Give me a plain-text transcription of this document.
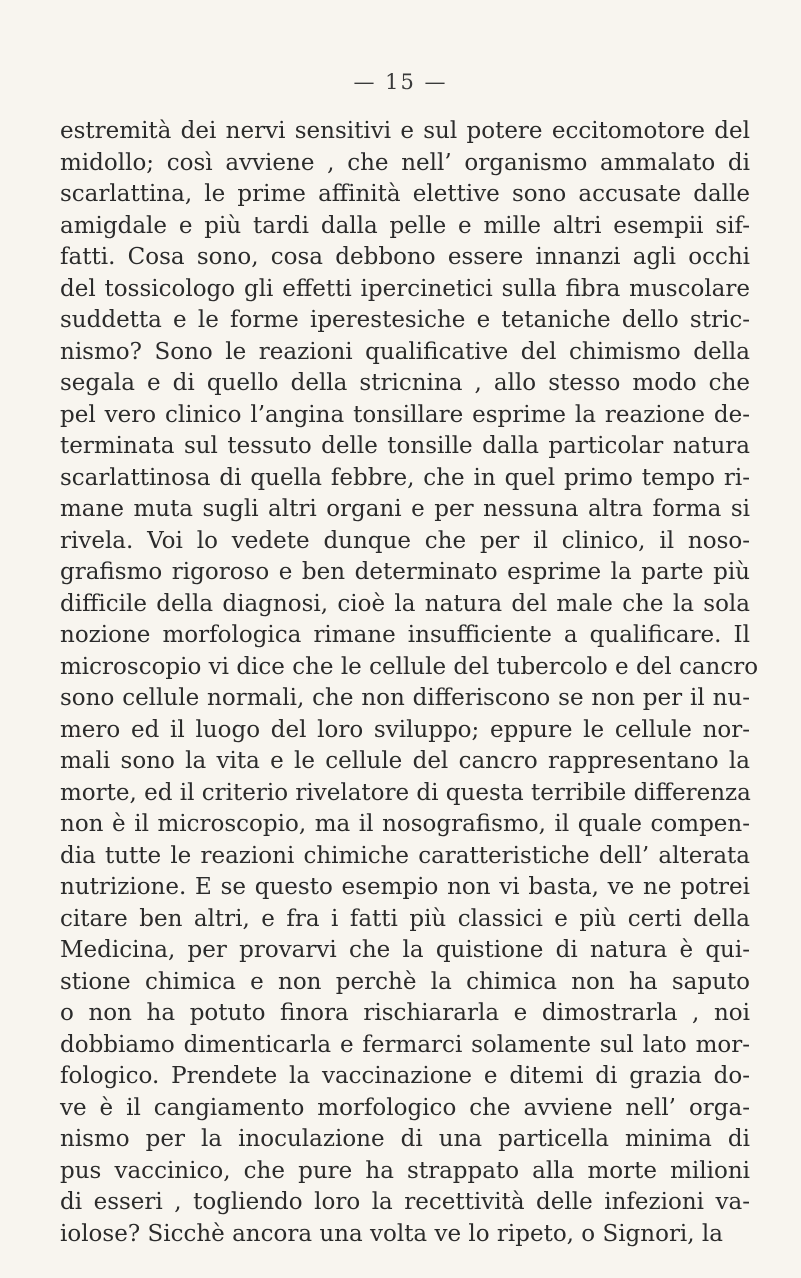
— 15 —
estremità dei nervi sensitivi e sul potere eccitomotore del
midollo; così avviene , che nell’ organismo ammalato di
scarlattina, le prime affinità elettive sono accusate dalle
amigdale e più tardi dalla pelle e mille altri esempii sif-
fatti. Cosa sono, cosa debbono essere innanzi agli occhi
del tossicologo gli effetti ipercinetici sulla fibra muscolare
suddetta e le forme iperestesiche e tetaniche dello stric-
nismo? Sono le reazioni qualificative del chimismo della
segala e di quello della stricnina , allo stesso modo che
pel vero clinico l’angina tonsillare esprime la reazione de-
terminata sul tessuto delle tonsille dalla particolar natura
scarlattinosa di quella febbre, che in quel primo tempo ri-
mane muta sugli altri organi e per nessuna altra forma si
rivela. Voi lo vedete dunque che per il clinico, il noso-
grafismo rigoroso e ben determinato esprime la parte più
difficile della diagnosi, cioè la natura del male che la sola
nozione morfologica rimane insufficiente a qualificare. Il
microscopio vi dice che le cellule del tubercolo e del cancro
sono cellule normali, che non differiscono se non per il nu-
mero ed il luogo del loro sviluppo; eppure le cellule nor-
mali sono la vita e le cellule del cancro rappresentano la
morte, ed il criterio rivelatore di questa terribile differenza
non è il microscopio, ma il nosografismo, il quale compen-
dia tutte le reazioni chimiche caratteristiche dell’ alterata
nutrizione. E se questo esempio non vi basta, ve ne potrei
citare ben altri, e fra i fatti più classici e più certi della
Medicina, per provarvi che la quistione di natura è qui-
stione chimica e non perchè la chimica non ha saputo
o non ha potuto finora rischiararla e dimostrarla , noi
dobbiamo dimenticarla e fermarci solamente sul lato mor-
fologico. Prendete la vaccinazione e ditemi di grazia do-
ve è il cangiamento morfologico che avviene nell’ orga-
nismo per la inoculazione di una particella minima di
pus vaccinico, che pure ha strappato alla morte milioni
di esseri , togliendo loro la recettività delle infezioni va-
iolose? Sicchè ancora una volta ve lo ripeto, o Signori, la
